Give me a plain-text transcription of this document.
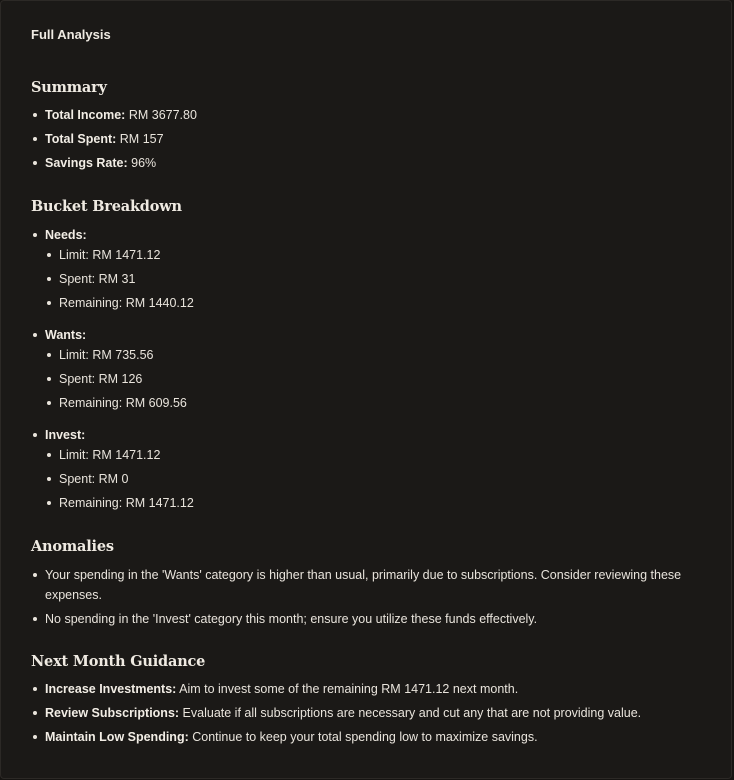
Full Analysis
Summary
Total Income: RM 3677.80
Total Spent: RM 157
Savings Rate: 96%
Bucket Breakdown
Needs:
Limit: RM 1471.12
Spent: RM 31
Remaining: RM 1440.12
Wants:
Limit: RM 735.56
Spent: RM 126
Remaining: RM 609.56
Invest:
Limit: RM 1471.12
Spent: RM 0
Remaining: RM 1471.12
Anomalies
Your spending in the 'Wants' category is higher than usual, primarily due to subscriptions. Consider reviewing these expenses.
No spending in the 'Invest' category this month; ensure you utilize these funds effectively.
Next Month Guidance
Increase Investments: Aim to invest some of the remaining RM 1471.12 next month.
Review Subscriptions: Evaluate if all subscriptions are necessary and cut any that are not providing value.
Maintain Low Spending: Continue to keep your total spending low to maximize savings.
